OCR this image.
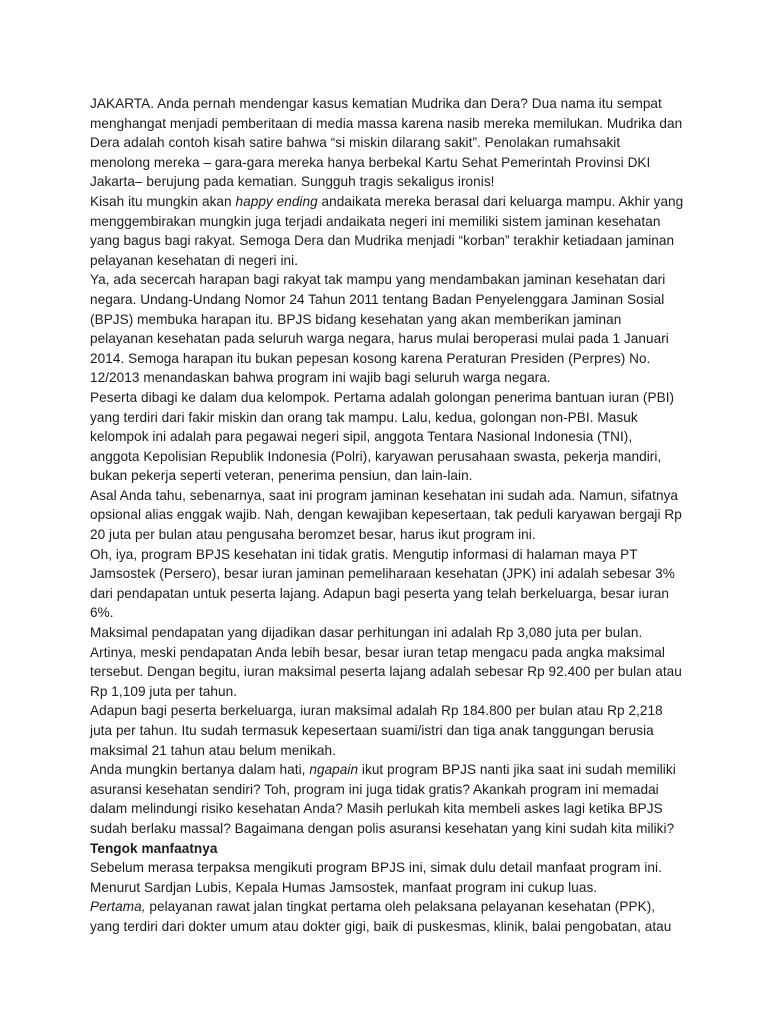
JAKARTA. Anda pernah mendengar kasus kematian Mudrika dan Dera? Dua nama itu sempat
menghangat menjadi pemberitaan di media massa karena nasib mereka memilukan. Mudrika dan
Dera adalah contoh kisah satire bahwa “si miskin dilarang sakit”. Penolakan rumahsakit
menolong mereka – gara-gara mereka hanya berbekal Kartu Sehat Pemerintah Provinsi DKI
Jakarta– berujung pada kematian. Sungguh tragis sekaligus ironis!
Kisah itu mungkin akan happy ending andaikata mereka berasal dari keluarga mampu. Akhir yang
menggembirakan mungkin juga terjadi andaikata negeri ini memiliki sistem jaminan kesehatan
yang bagus bagi rakyat. Semoga Dera dan Mudrika menjadi “korban” terakhir ketiadaan jaminan
pelayanan kesehatan di negeri ini.
Ya, ada secercah harapan bagi rakyat tak mampu yang mendambakan jaminan kesehatan dari
negara. Undang-Undang Nomor 24 Tahun 2011 tentang Badan Penyelenggara Jaminan Sosial
(BPJS) membuka harapan itu. BPJS bidang kesehatan yang akan memberikan jaminan
pelayanan kesehatan pada seluruh warga negara, harus mulai beroperasi mulai pada 1 Januari
2014. Semoga harapan itu bukan pepesan kosong karena Peraturan Presiden (Perpres) No.
12/2013 menandaskan bahwa program ini wajib bagi seluruh warga negara.
Peserta dibagi ke dalam dua kelompok. Pertama adalah golongan penerima bantuan iuran (PBI)
yang terdiri dari fakir miskin dan orang tak mampu. Lalu, kedua, golongan non-PBI. Masuk
kelompok ini adalah para pegawai negeri sipil, anggota Tentara Nasional Indonesia (TNI),
anggota Kepolisian Republik Indonesia (Polri), karyawan perusahaan swasta, pekerja mandiri,
bukan pekerja seperti veteran, penerima pensiun, dan lain-lain.
Asal Anda tahu, sebenarnya, saat ini program jaminan kesehatan ini sudah ada. Namun, sifatnya
opsional alias enggak wajib. Nah, dengan kewajiban kepesertaan, tak peduli karyawan bergaji Rp
20 juta per bulan atau pengusaha beromzet besar, harus ikut program ini.
Oh, iya, program BPJS kesehatan ini tidak gratis. Mengutip informasi di halaman maya PT
Jamsostek (Persero), besar iuran jaminan pemeliharaan kesehatan (JPK) ini adalah sebesar 3%
dari pendapatan untuk peserta lajang. Adapun bagi peserta yang telah berkeluarga, besar iuran
6%.
Maksimal pendapatan yang dijadikan dasar perhitungan ini adalah Rp 3,080 juta per bulan.
Artinya, meski pendapatan Anda lebih besar, besar iuran tetap mengacu pada angka maksimal
tersebut. Dengan begitu, iuran maksimal peserta lajang adalah sebesar Rp 92.400 per bulan atau
Rp 1,109 juta per tahun.
Adapun bagi peserta berkeluarga, iuran maksimal adalah Rp 184.800 per bulan atau Rp 2,218
juta per tahun. Itu sudah termasuk kepesertaan suami/istri dan tiga anak tanggungan berusia
maksimal 21 tahun atau belum menikah.
Anda mungkin bertanya dalam hati, ngapain ikut program BPJS nanti jika saat ini sudah memiliki
asuransi kesehatan sendiri? Toh, program ini juga tidak gratis? Akankah program ini memadai
dalam melindungi risiko kesehatan Anda? Masih perlukah kita membeli askes lagi ketika BPJS
sudah berlaku massal? Bagaimana dengan polis asuransi kesehatan yang kini sudah kita miliki?
Tengok manfaatnya
Sebelum merasa terpaksa mengikuti program BPJS ini, simak dulu detail manfaat program ini.
Menurut Sardjan Lubis, Kepala Humas Jamsostek, manfaat program ini cukup luas.
Pertama, pelayanan rawat jalan tingkat pertama oleh pelaksana pelayanan kesehatan (PPK),
yang terdiri dari dokter umum atau dokter gigi, baik di puskesmas, klinik, balai pengobatan, atau
